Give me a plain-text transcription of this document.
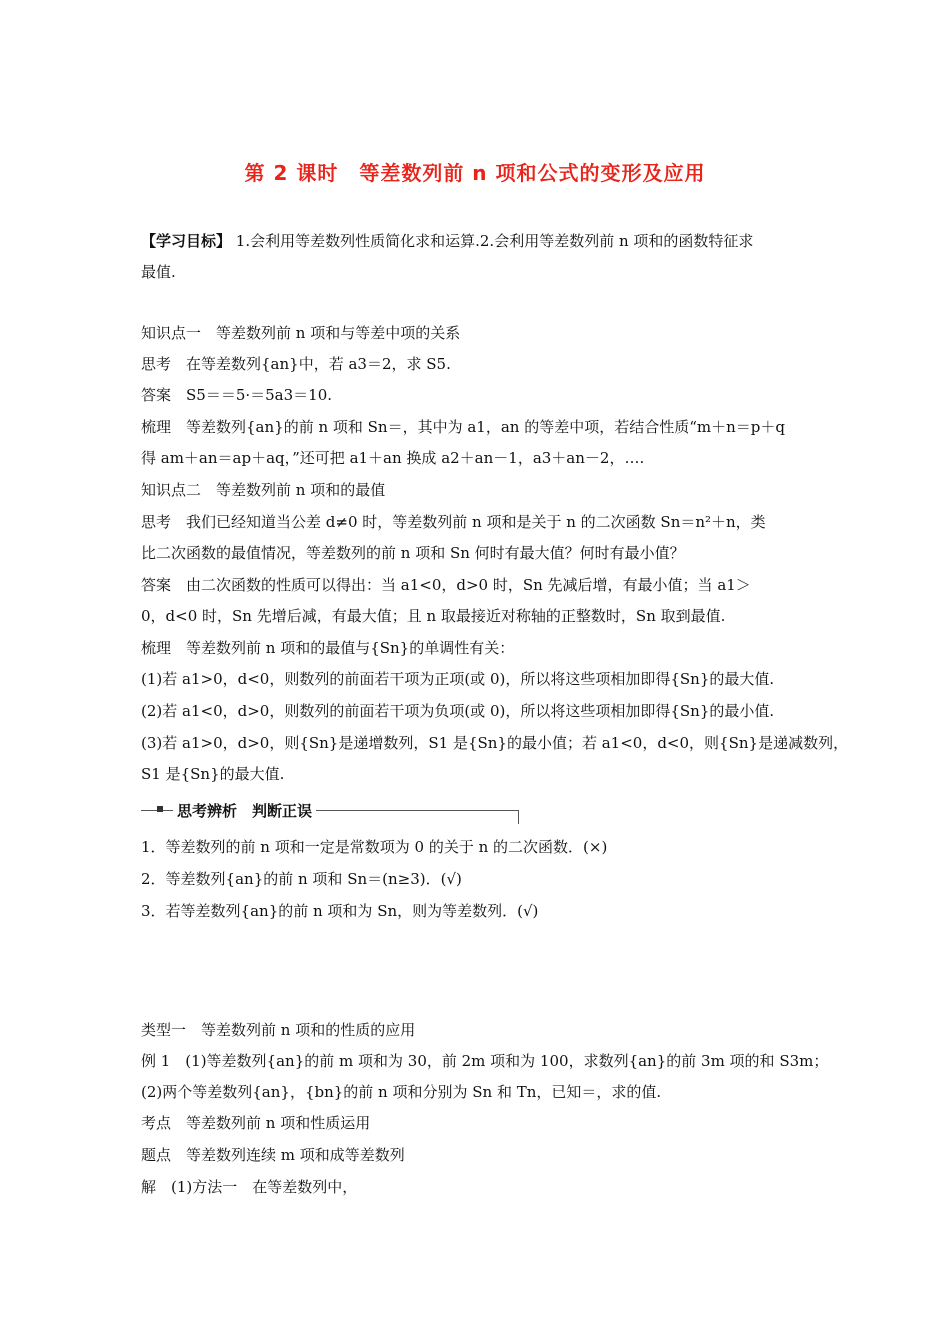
第 2 课时　等差数列前 n 项和公式的变形及应用
【学习目标】 1.会利用等差数列性质简化求和运算.2.会利用等差数列前 n 项和的函数特征求
最值.
知识点一　等差数列前 n 项和与等差中项的关系
思考　在等差数列{an}中，若 a3＝2，求 S5.
答案　S5＝＝5·＝5a3＝10.
梳理　等差数列{an}的前 n 项和 Sn＝，其中为 a1，an 的等差中项，若结合性质“m＋n＝p＋q
得 am＋an＝ap＋aq，”还可把 a1＋an 换成 a2＋an－1，a3＋an－2，….
知识点二　等差数列前 n 项和的最值
思考　我们已经知道当公差 d≠0 时，等差数列前 n 项和是关于 n 的二次函数 Sn＝n²＋n，类
比二次函数的最值情况，等差数列的前 n 项和 Sn 何时有最大值？何时有最小值？
答案　由二次函数的性质可以得出：当 a1<0，d>0 时，Sn 先减后增，有最小值；当 a1＞
0，d<0 时，Sn 先增后减，有最大值；且 n 取最接近对称轴的正整数时，Sn 取到最值.
梳理　等差数列前 n 项和的最值与{Sn}的单调性有关：
(1)若 a1>0，d<0，则数列的前面若干项为正项(或 0)，所以将这些项相加即得{Sn}的最大值.
(2)若 a1<0，d>0，则数列的前面若干项为负项(或 0)，所以将这些项相加即得{Sn}的最小值.
(3)若 a1>0，d>0，则{Sn}是递增数列，S1 是{Sn}的最小值；若 a1<0，d<0，则{Sn}是递减数列，
S1 是{Sn}的最大值.
思考辨析　判断正误
1．等差数列的前 n 项和一定是常数项为 0 的关于 n 的二次函数．(×)
2．等差数列{an}的前 n 项和 Sn＝(n≥3)．(√)
3．若等差数列{an}的前 n 项和为 Sn，则为等差数列．(√)
类型一　等差数列前 n 项和的性质的应用
例 1　(1)等差数列{an}的前 m 项和为 30，前 2m 项和为 100，求数列{an}的前 3m 项的和 S3m；
(2)两个等差数列{an}，{bn}的前 n 项和分别为 Sn 和 Tn，已知＝，求的值.
考点　等差数列前 n 项和性质运用
题点　等差数列连续 m 项和成等差数列
解　(1)方法一　在等差数列中，
